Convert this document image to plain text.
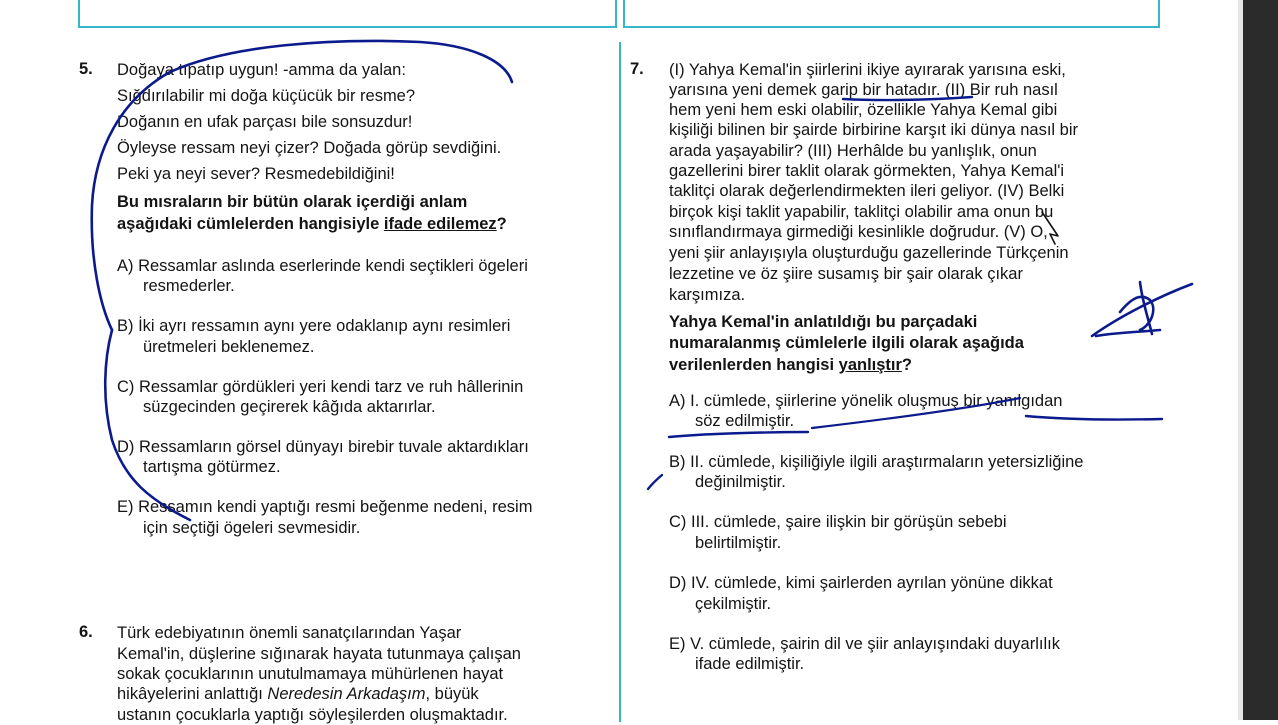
5. Doğaya tıpatıp uygun! -amma da yalan:
Sığdırılabilir mi doğa küçücük bir resme?
Doğanın en ufak parçası bile sonsuzdur!
Öyleyse ressam neyi çizer? Doğada görüp sevdiğini.
Peki ya neyi sever? Resmedebildiğini!
Bu mısraların bir bütün olarak içerdiği anlam
aşağıdaki cümlelerden hangisiyle ifade edilemez?
A) Ressamlar aslında eserlerinde kendi seçtikleri ögeleri
resmederler.
B) İki ayrı ressamın aynı yere odaklanıp aynı resimleri
üretmeleri beklenemez.
C) Ressamlar gördükleri yeri kendi tarz ve ruh hâllerinin
süzgecinden geçirerek kâğıda aktarırlar.
D) Ressamların görsel dünyayı birebir tuvale aktardıkları
tartışma götürmez.
E) Ressamın kendi yaptığı resmi beğenme nedeni, resim
için seçtiği ögeleri sevmesidir.
6. Türk edebiyatının önemli sanatçılarından Yaşar
Kemal'in, düşlerine sığınarak hayata tutunmaya çalışan
sokak çocuklarının unutulmamaya mühürlenen hayat
hikâyelerini anlattığı Neredesin Arkadaşım, büyük
ustanın çocuklarla yaptığı söyleşilerden oluşmaktadır.
7. (I) Yahya Kemal'in şiirlerini ikiye ayırarak yarısına eski,
yarısına yeni demek garip bir hatadır. (II) Bir ruh nasıl
hem yeni hem eski olabilir, özellikle Yahya Kemal gibi
kişiliği bilinen bir şairde birbirine karşıt iki dünya nasıl bir
arada yaşayabilir? (III) Herhâlde bu yanlışlık, onun
gazellerini birer taklit olarak görmekten, Yahya Kemal'i
taklitçi olarak değerlendirmekten ileri geliyor. (IV) Belki
birçok kişi taklit yapabilir, taklitçi olabilir ama onun bu
sınıflandırmaya girmediği kesinlikle doğrudur. (V) O,
yeni şiir anlayışıyla oluşturduğu gazellerinde Türkçenin
lezzetine ve öz şiire susamış bir şair olarak çıkar
karşımıza.
Yahya Kemal'in anlatıldığı bu parçadaki
numaralanmış cümlelerle ilgili olarak aşağıda
verilenlerden hangisi yanlıştır?
A) I. cümlede, şiirlerine yönelik oluşmuş bir yanılgıdan
söz edilmiştir.
B) II. cümlede, kişiliğiyle ilgili araştırmaların yetersizliğine
değinilmiştir.
C) III. cümlede, şaire ilişkin bir görüşün sebebi
belirtilmiştir.
D) IV. cümlede, kimi şairlerden ayrılan yönüne dikkat
çekilmiştir.
E) V. cümlede, şairin dil ve şiir anlayışındaki duyarlılık
ifade edilmiştir.
